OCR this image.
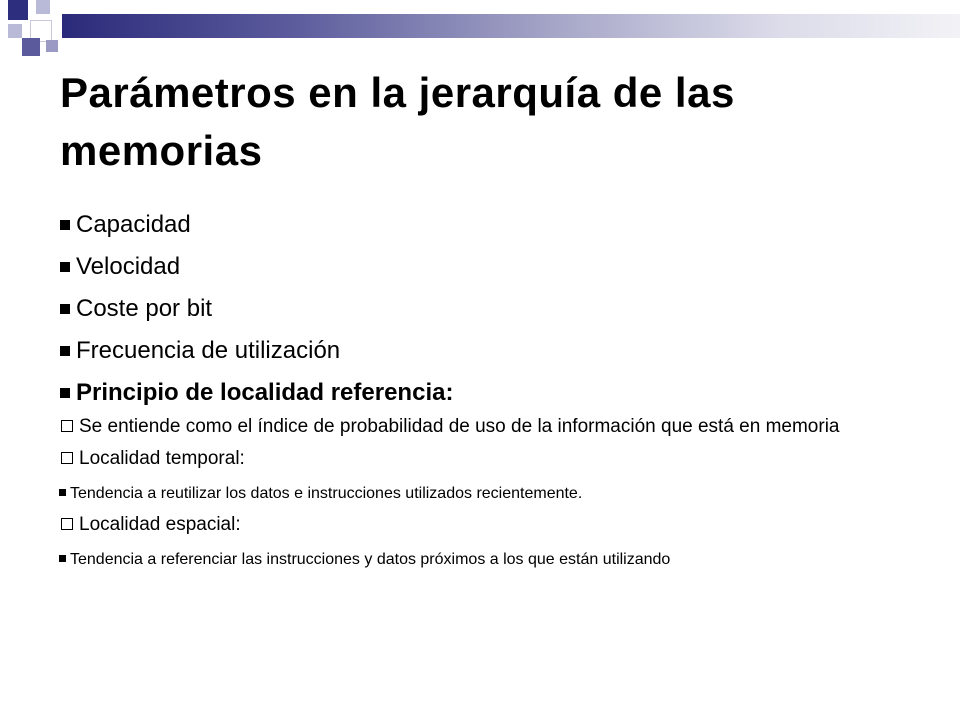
Parámetros en la jerarquía de las memorias
Capacidad
Velocidad
Coste por bit
Frecuencia de utilización
Principio de localidad referencia:
Se entiende como el índice de probabilidad de uso de la información que está en memoria
Localidad temporal:
Tendencia a reutilizar los datos e instrucciones utilizados recientemente.
Localidad espacial:
Tendencia a referenciar las instrucciones y datos próximos a los que están utilizando
